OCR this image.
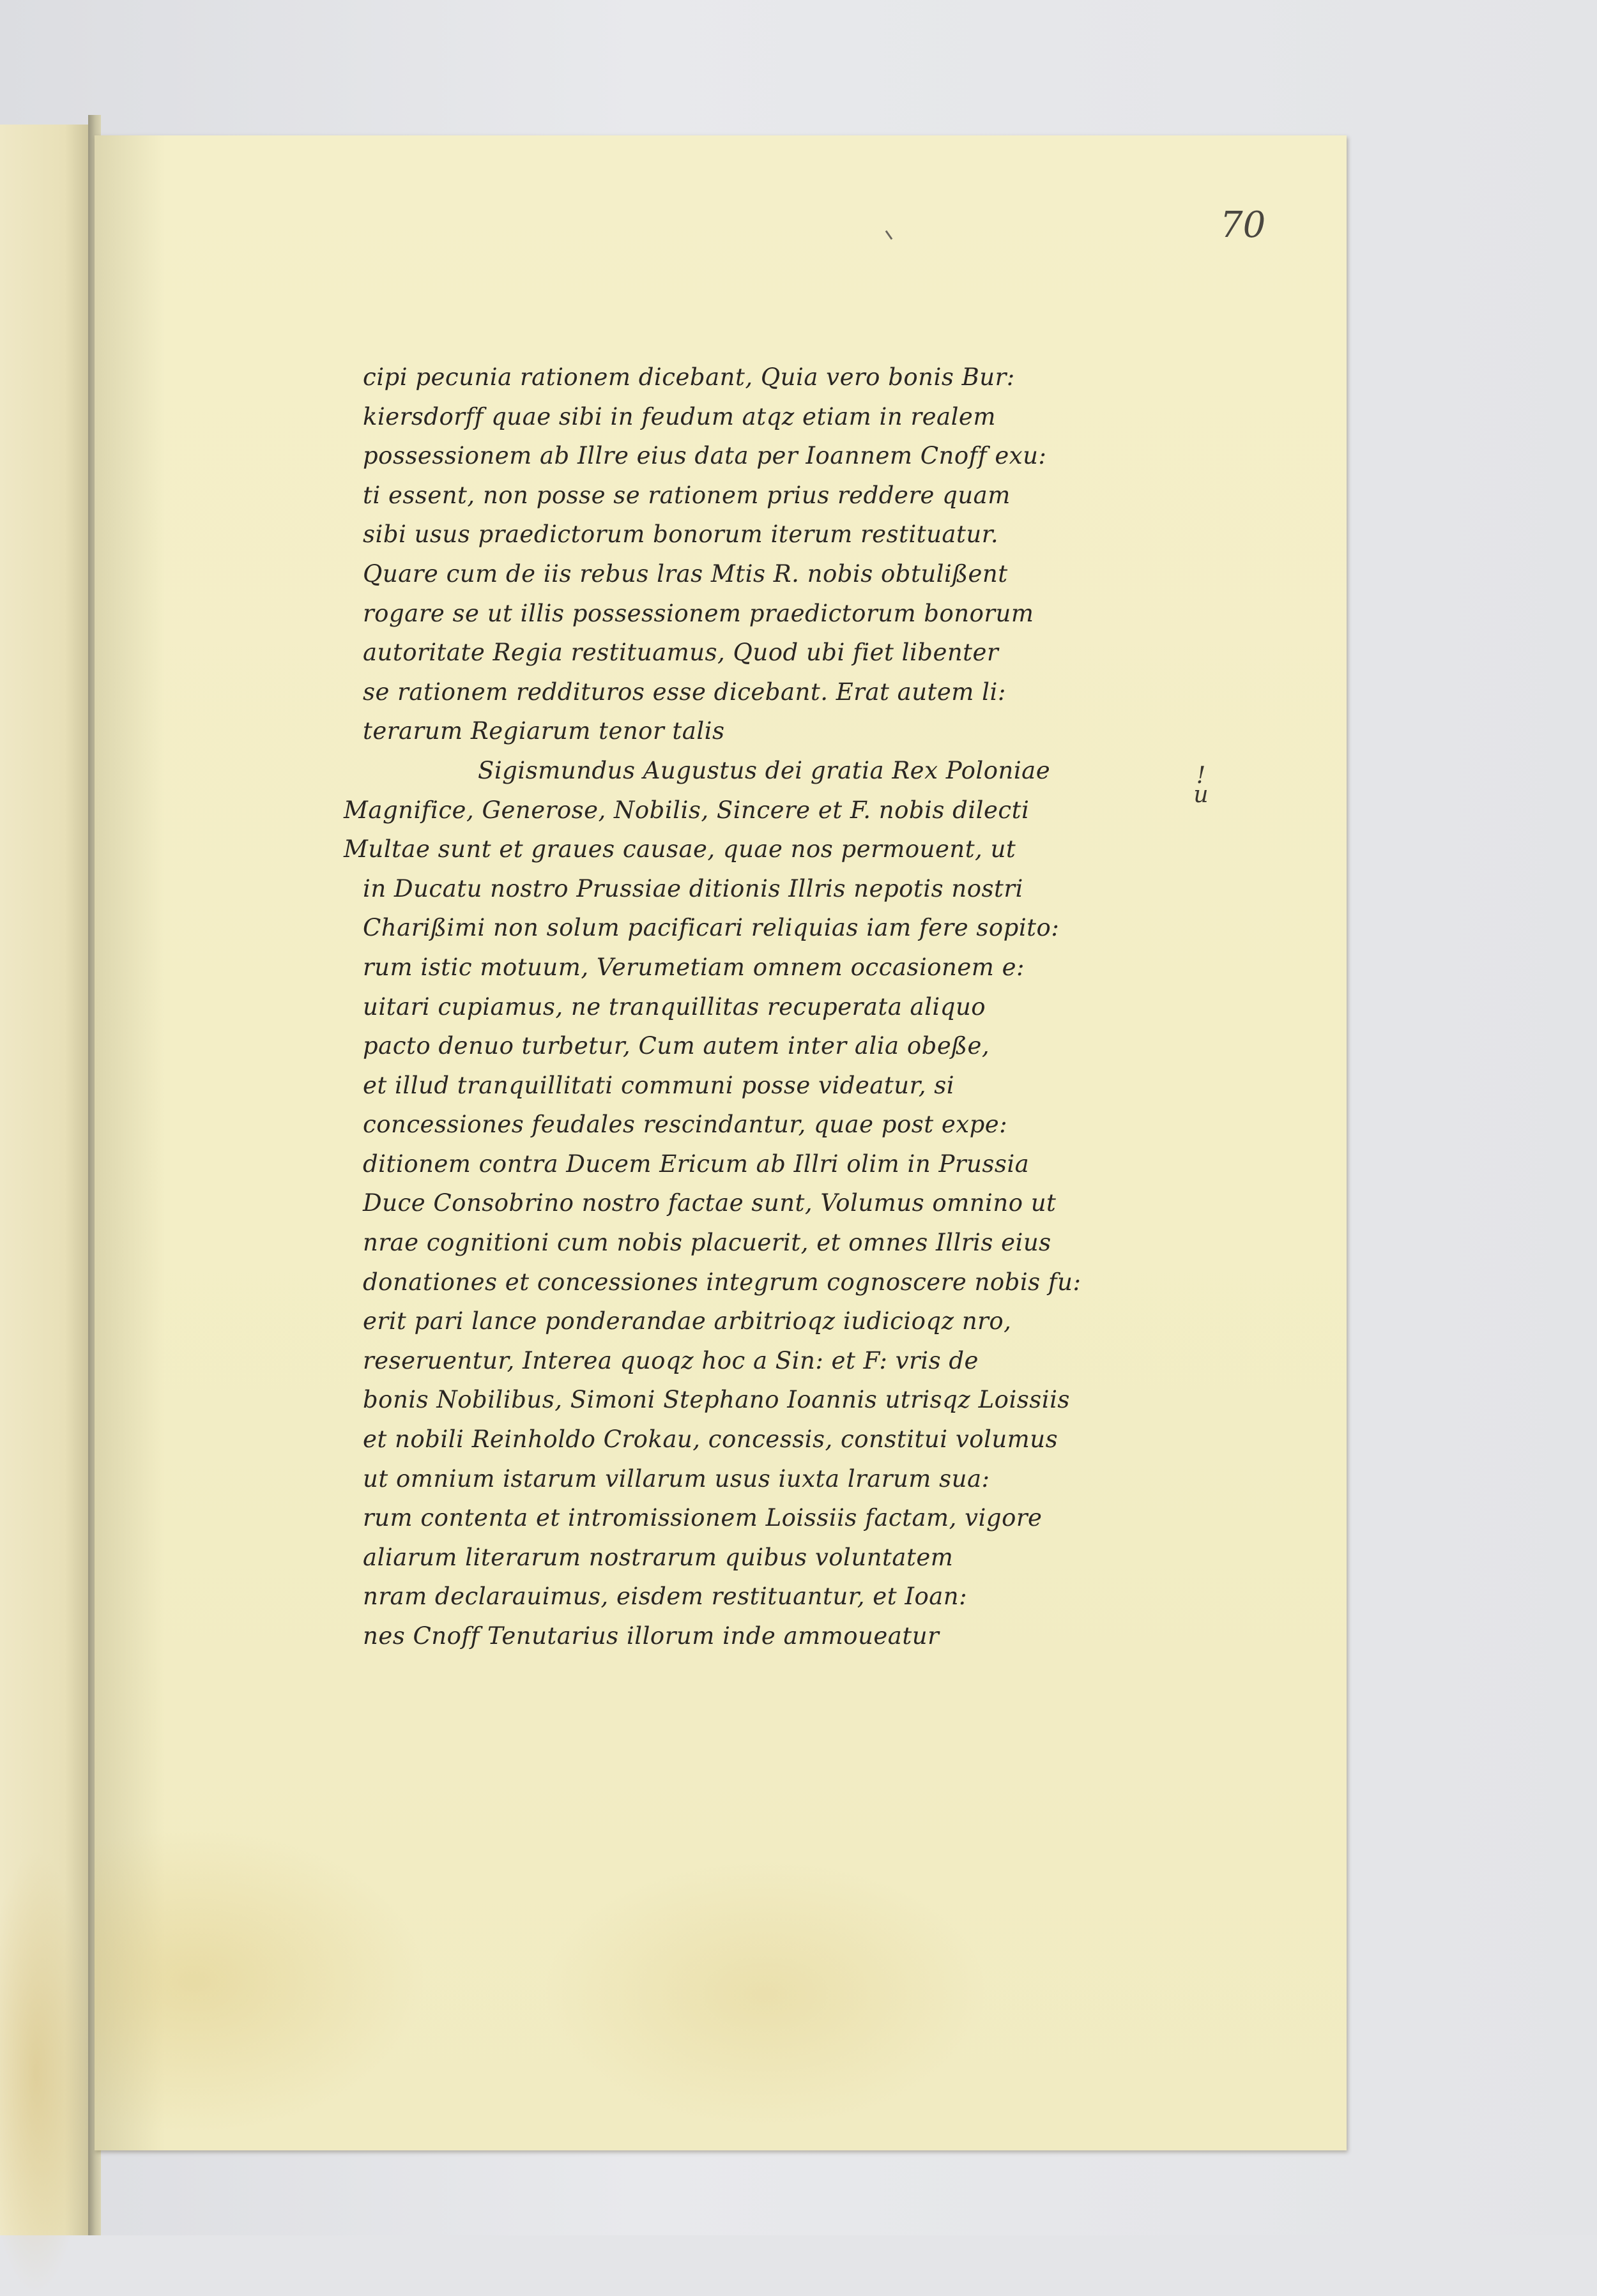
70
cipi pecunia rationem dicebant, Quia vero bonis Bur:
kiersdorff quae sibi in feudum atqz etiam in realem
possessionem ab Illre eius data per Ioannem Cnoff exu:
ti essent, non posse se rationem prius reddere quam
sibi usus praedictorum bonorum iterum restituatur.
Quare cum de iis rebus lras Mtis R. nobis obtulißent
rogare se ut illis possessionem praedictorum bonorum
autoritate Regia restituamus, Quod ubi fiet libenter
se rationem reddituros esse dicebant. Erat autem li:
terarum Regiarum tenor talis
Sigismundus Augustus dei gratia Rex Poloniae
Magnifice, Generose, Nobilis, Sincere et F. nobis dilecti
Multae sunt et graues causae, quae nos permouent, ut
in Ducatu nostro Prussiae ditionis Illris nepotis nostri
Charißimi non solum pacificari reliquias iam fere sopito:
rum istic motuum, Verumetiam omnem occasionem e:
uitari cupiamus, ne tranquillitas recuperata aliquo
pacto denuo turbetur, Cum autem inter alia obeße,
et illud tranquillitati communi posse videatur, si
concessiones feudales rescindantur, quae post expe:
ditionem contra Ducem Ericum ab Illri olim in Prussia
Duce Consobrino nostro factae sunt, Volumus omnino ut
nrae cognitioni cum nobis placuerit, et omnes Illris eius
donationes et concessiones integrum cognoscere nobis fu:
erit pari lance ponderandae arbitrioqz iudicioqz nro,
reseruentur, Interea quoqz hoc a Sin: et F: vris de
bonis Nobilibus, Simoni Stephano Ioannis utrisqz Loissiis
et nobili Reinholdo Crokau, concessis, constitui volumus
ut omnium istarum villarum usus iuxta lrarum sua:
rum contenta et intromissionem Loissiis factam, vigore
aliarum literarum nostrarum quibus voluntatem
nram declarauimus, eisdem restituantur, et Ioan:
nes Cnoff Tenutarius illorum inde ammoueatur
!
u
